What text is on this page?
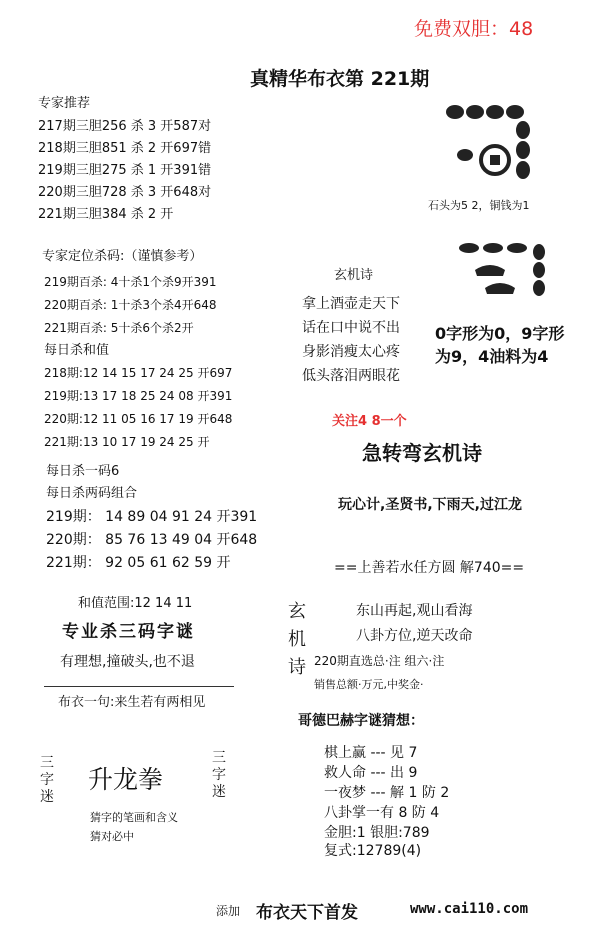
免费双胆：48
真精华布衣第 221期
专家推荐
217期三胆256 杀 3 开587对
218期三胆851 杀 2 开697错
219期三胆275 杀 1 开391错
220期三胆728 杀 3 开648对
221期三胆384 杀 2 开
专家定位杀码:（谨慎参考）
219期百杀: 4十杀1个杀9开391
220期百杀: 1十杀3个杀4开648
221期百杀: 5十杀6个杀2开
每日杀和值
218期:12 14 15 17 24 25 开697
219期:13 17 18 25 24 08 开391
220期:12 11 05 16 17 19 开648
221期:13 10 17 19 24 25 开
每日杀一码6
每日杀两码组合
219期： 14 89 04 91 24 开391
220期： 85 76 13 49 04 开648
221期： 92 05 61 62 59 开
和值范围:12 14 11
专业杀三码字谜
有理想,撞破头,也不退
布衣一句:来生若有两相见
三字迷
升龙拳
三字迷
猜字的笔画和含义
猜对必中
石头为5 2，铜钱为1
0字形为0，9字形
为9，4油料为4
玄机诗
拿上酒壶走天下
话在口中说不出
身影消瘦太心疼
低头落泪两眼花
关注4 8一个
急转弯玄机诗
玩心计,圣贤书,下雨天,过江龙
==上善若水任方圆 解740==
玄机诗
东山再起,观山看海
八卦方位,逆天改命
220期直选总·注 组六·注
销售总额·万元,中奖金·
哥德巴赫字谜猜想：
棋上赢 --- 见 7
救人命 --- 出 9
一夜梦 --- 解 1 防 2
八卦掌一有 8 防 4
金胆:1 银胆:789
复式:12789(4)
添加 布衣天下首发	www.cai110.com
